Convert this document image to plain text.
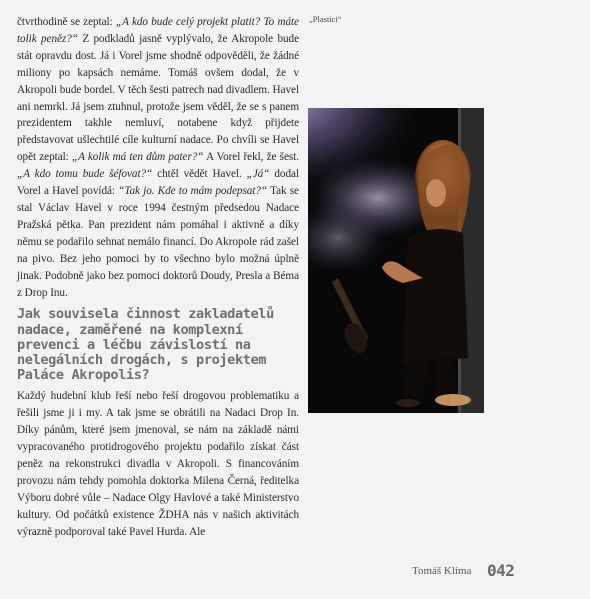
čtvrthodině se zeptal: „A kdo bude celý projekt platit? To máte tolik peněz?“ Z podkladů jasně vyplývalo, že Akropole bude stát opravdu dost. Já i Vorel jsme shodně odpověděli, že žádné miliony po kapsách nemáme. Tomáš ovšem dodal, že v Akropoli bude bordel. V těch šesti patrech nad divadlem. Havel ani nemrkl. Já jsem ztuhnul, protože jsem věděl, že se s panem prezidentem takhle nemluví, notabene když přijdete představovat ušlechtilé cíle kulturní nadace. Po chvíli se Havel opět zeptal: „A kolik má ten dům pater?“ A Vorel řekl, že šest. „A kdo tomu bude šéfovat?“ chtěl vědět Havel. „Já“ dodal Vorel a Havel povídá: “Tak jo. Kde to mám podepsat?“ Tak se stal Václav Havel v roce 1994 čestným předsedou Nadace Pražská pětka. Pan prezident nám pomáhal i aktivně a díky němu se podařilo sehnat nemálo financí. Do Akropole rád zašel na pivo. Bez jeho pomoci by to všechno bylo možná úplně jinak. Podobně jako bez pomoci doktorů Doudy, Presla a Béma z Drop Inu.

Jak souvisela činnost zakladatelů nadace, zaměřené na komplexní prevenci a léčbu závislostí na nelegálních drogách, s projektem Paláce Akropolis?

Každý hudební klub řeší nebo řeší drogovou problematiku a řešili jsme ji i my. A tak jsme se obrátili na Nadaci Drop In. Díky pánům, které jsem jmenoval, se nám na základě námi vypracovaného protidrogového projektu podařilo získat část peněz na rekonstrukci divadla v Akropoli. S financováním provozu nám tehdy pomohla doktorka Milena Černá, ředitelka Výboru dobré vůle – Nadace Olgy Havlové a také Ministerstvo kultury. Od počátků existence ŽDHA nás v našich aktivitách výrazně podporoval také Pavel Hurda. Ale

„Plastici“
Tomáš Klíma 042
